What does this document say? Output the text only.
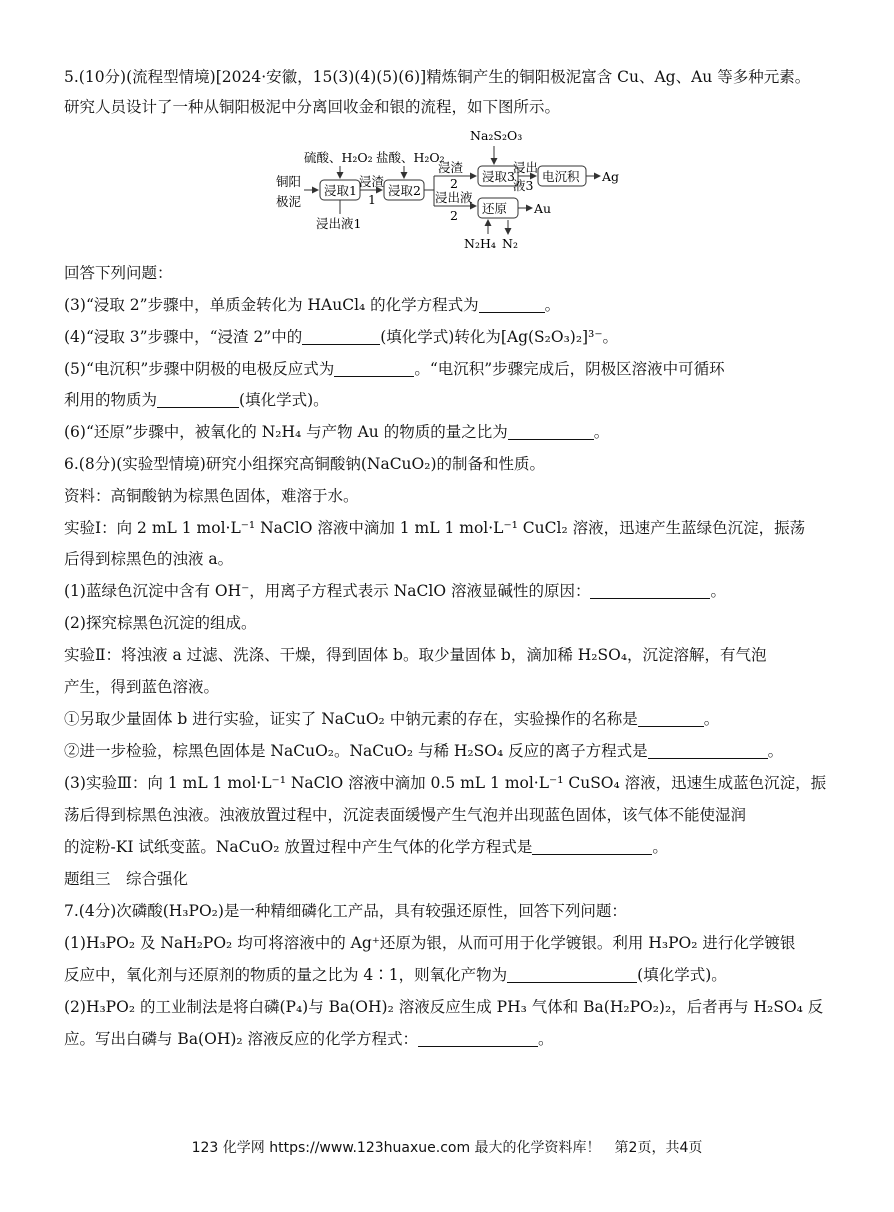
5.(10分)(流程型情境)[2024·安徽，15(3)(4)(5)(6)]精炼铜产生的铜阳极泥富含 Cu、Ag、Au 等多种元素。
研究人员设计了一种从铜阳极泥中分离回收金和银的流程，如下图所示。
铜阳
极泥
硫酸、H₂O₂
浸取1
浸出液1
浸渣
1
盐酸、H₂O₂
浸取2
浸渣
2
浸出液
2
Na₂S₂O₃
浸取3
浸出
液3
电沉积 Ag
还原 Au
N₂H₄ N₂
回答下列问题：
(3)“浸取 2”步骤中，单质金转化为 HAuCl₄ 的化学方程式为	。
(4)“浸取 3”步骤中，“浸渣 2”中的	(填化学式)转化为[Ag(S₂O₃)₂]³⁻。
(5)“电沉积”步骤中阴极的电极反应式为	。“电沉积”步骤完成后，阴极区溶液中可循环
利用的物质为	(填化学式)。
(6)“还原”步骤中，被氧化的 N₂H₄ 与产物 Au 的物质的量之比为	。
6.(8分)(实验型情境)研究小组探究高铜酸钠(NaCuO₂)的制备和性质。
资料：高铜酸钠为棕黑色固体，难溶于水。
实验Ⅰ：向 2 mL 1 mol·L⁻¹ NaClO 溶液中滴加 1 mL 1 mol·L⁻¹ CuCl₂ 溶液，迅速产生蓝绿色沉淀，振荡
后得到棕黑色的浊液 a。
(1)蓝绿色沉淀中含有 OH⁻，用离子方程式表示 NaClO 溶液显碱性的原因：	。
(2)探究棕黑色沉淀的组成。
实验Ⅱ：将浊液 a 过滤、洗涤、干燥，得到固体 b。取少量固体 b，滴加稀 H₂SO₄，沉淀溶解，有气泡
产生，得到蓝色溶液。
①另取少量固体 b 进行实验，证实了 NaCuO₂ 中钠元素的存在，实验操作的名称是	。
②进一步检验，棕黑色固体是 NaCuO₂。NaCuO₂ 与稀 H₂SO₄ 反应的离子方程式是	。
(3)实验Ⅲ：向 1 mL 1 mol·L⁻¹ NaClO 溶液中滴加 0.5 mL 1 mol·L⁻¹ CuSO₄ 溶液，迅速生成蓝色沉淀，振
荡后得到棕黑色浊液。浊液放置过程中，沉淀表面缓慢产生气泡并出现蓝色固体，该气体不能使湿润
的淀粉-KI 试纸变蓝。NaCuO₂ 放置过程中产生气体的化学方程式是	。
题组三　综合强化
7.(4分)次磷酸(H₃PO₂)是一种精细磷化工产品，具有较强还原性，回答下列问题：
(1)H₃PO₂ 及 NaH₂PO₂ 均可将溶液中的 Ag⁺还原为银，从而可用于化学镀银。利用 H₃PO₂ 进行化学镀银
反应中，氧化剂与还原剂的物质的量之比为 4∶1，则氧化产物为	(填化学式)。
(2)H₃PO₂ 的工业制法是将白磷(P₄)与 Ba(OH)₂ 溶液反应生成 PH₃ 气体和 Ba(H₂PO₂)₂，后者再与 H₂SO₄ 反
应。写出白磷与 Ba(OH)₂ 溶液反应的化学方程式：	。
123 化学网 https://www.123huaxue.com 最大的化学资料库！　第2页，共4页
